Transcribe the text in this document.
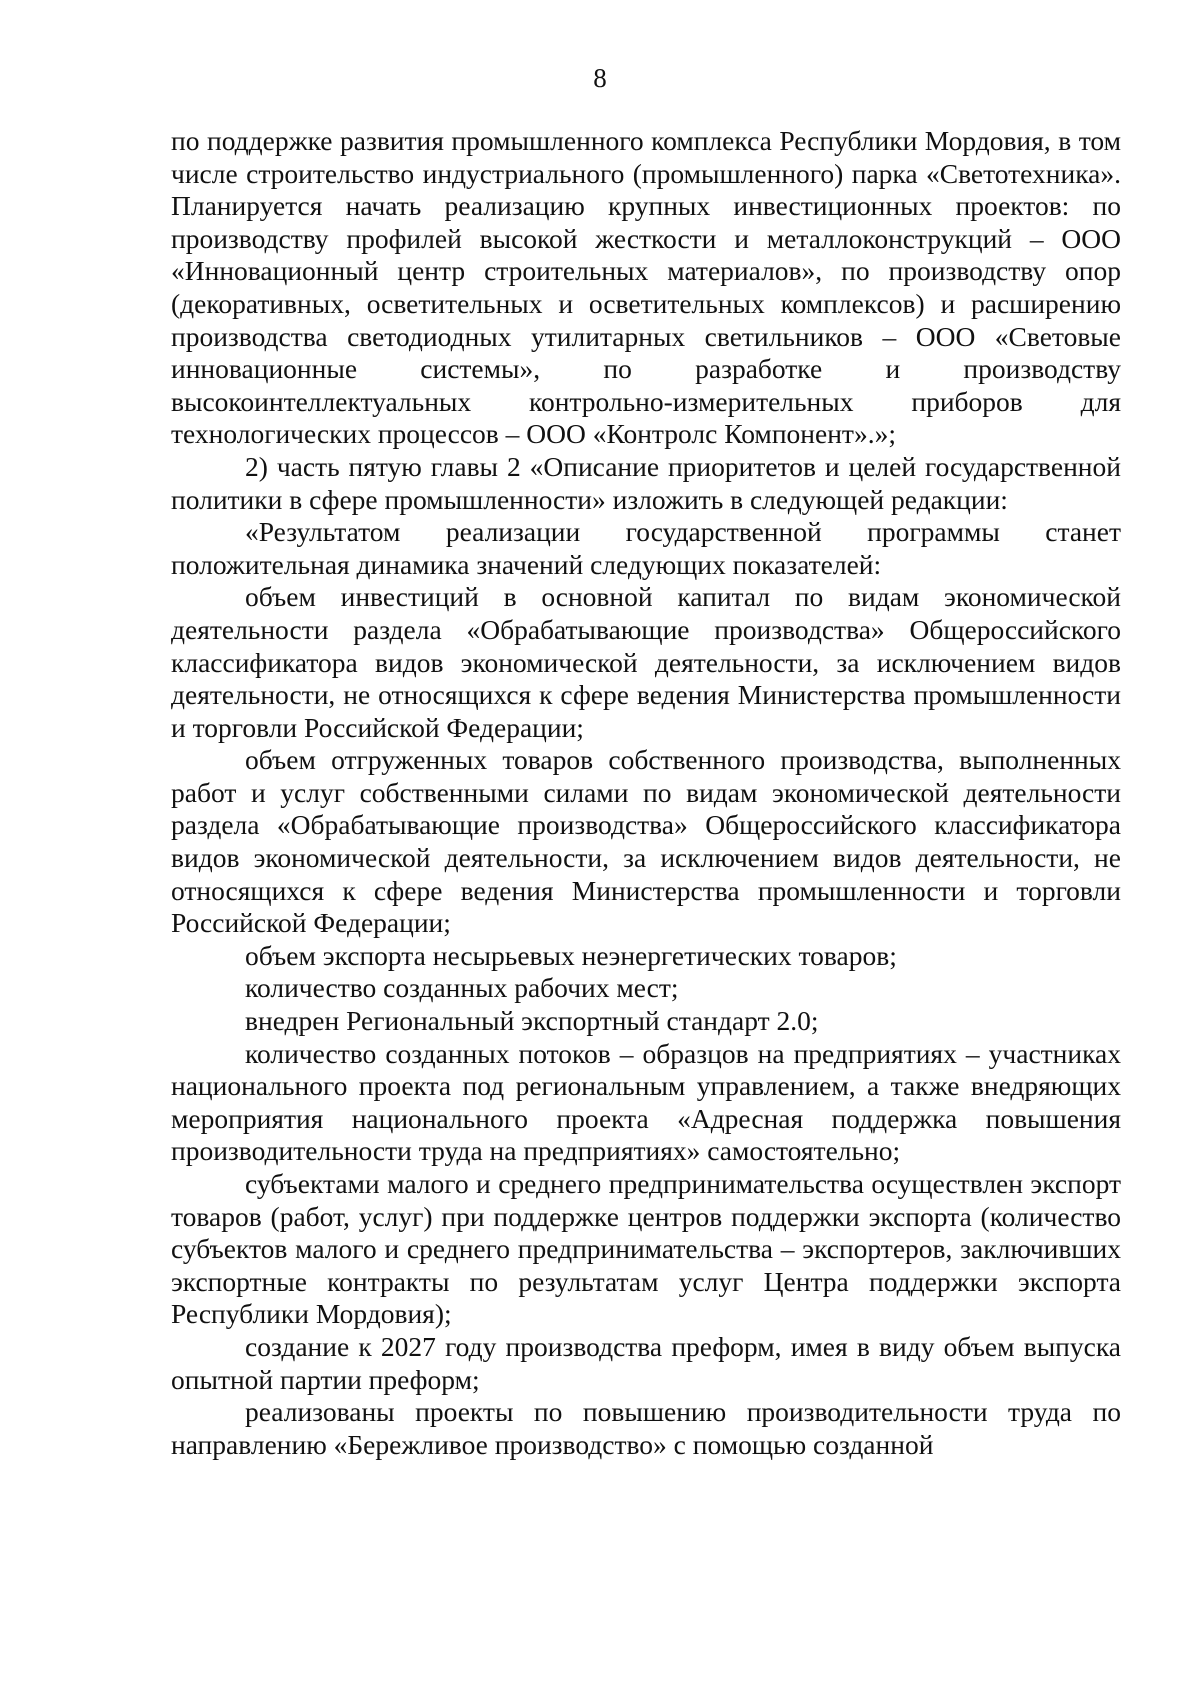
8

по поддержке развития промышленного комплекса Республики Мордовия, в том числе строительство индустриального (промышленного) парка «Светотехника». Планируется начать реализацию крупных инвестиционных проектов: по производству профилей высокой жесткости и металлоконструкций – ООО «Инновационный центр строительных материалов», по производству опор (декоративных, осветительных и осветительных комплексов) и расширению производства светодиодных утилитарных светильников – ООО «Световые инновационные системы», по разработке и производству высокоинтеллектуальных контрольно-измерительных приборов для технологических процессов – ООО «Контролс Компонент».»;

2) часть пятую главы 2 «Описание приоритетов и целей государственной политики в сфере промышленности» изложить в следующей редакции:

«Результатом реализации государственной программы станет положительная динамика значений следующих показателей:

объем инвестиций в основной капитал по видам экономической деятельности раздела «Обрабатывающие производства» Общероссийского классификатора видов экономической деятельности, за исключением видов деятельности, не относящихся к сфере ведения Министерства промышленности и торговли Российской Федерации;

объем отгруженных товаров собственного производства, выполненных работ и услуг собственными силами по видам экономической деятельности раздела «Обрабатывающие производства» Общероссийского классификатора видов экономической деятельности, за исключением видов деятельности, не относящихся к сфере ведения Министерства промышленности и торговли Российской Федерации;

объем экспорта несырьевых неэнергетических товаров;

количество созданных рабочих мест;

внедрен Региональный экспортный стандарт 2.0;

количество созданных потоков – образцов на предприятиях – участниках национального проекта под региональным управлением, а также внедряющих мероприятия национального проекта «Адресная поддержка повышения производительности труда на предприятиях» самостоятельно;

субъектами малого и среднего предпринимательства осуществлен экспорт товаров (работ, услуг) при поддержке центров поддержки экспорта (количество субъектов малого и среднего предпринимательства – экспортеров, заключивших экспортные контракты по результатам услуг Центра поддержки экспорта Республики Мордовия);

создание к 2027 году производства преформ, имея в виду объем выпуска опытной партии преформ;

реализованы проекты по повышению производительности труда по направлению «Бережливое производство» с помощью созданной
